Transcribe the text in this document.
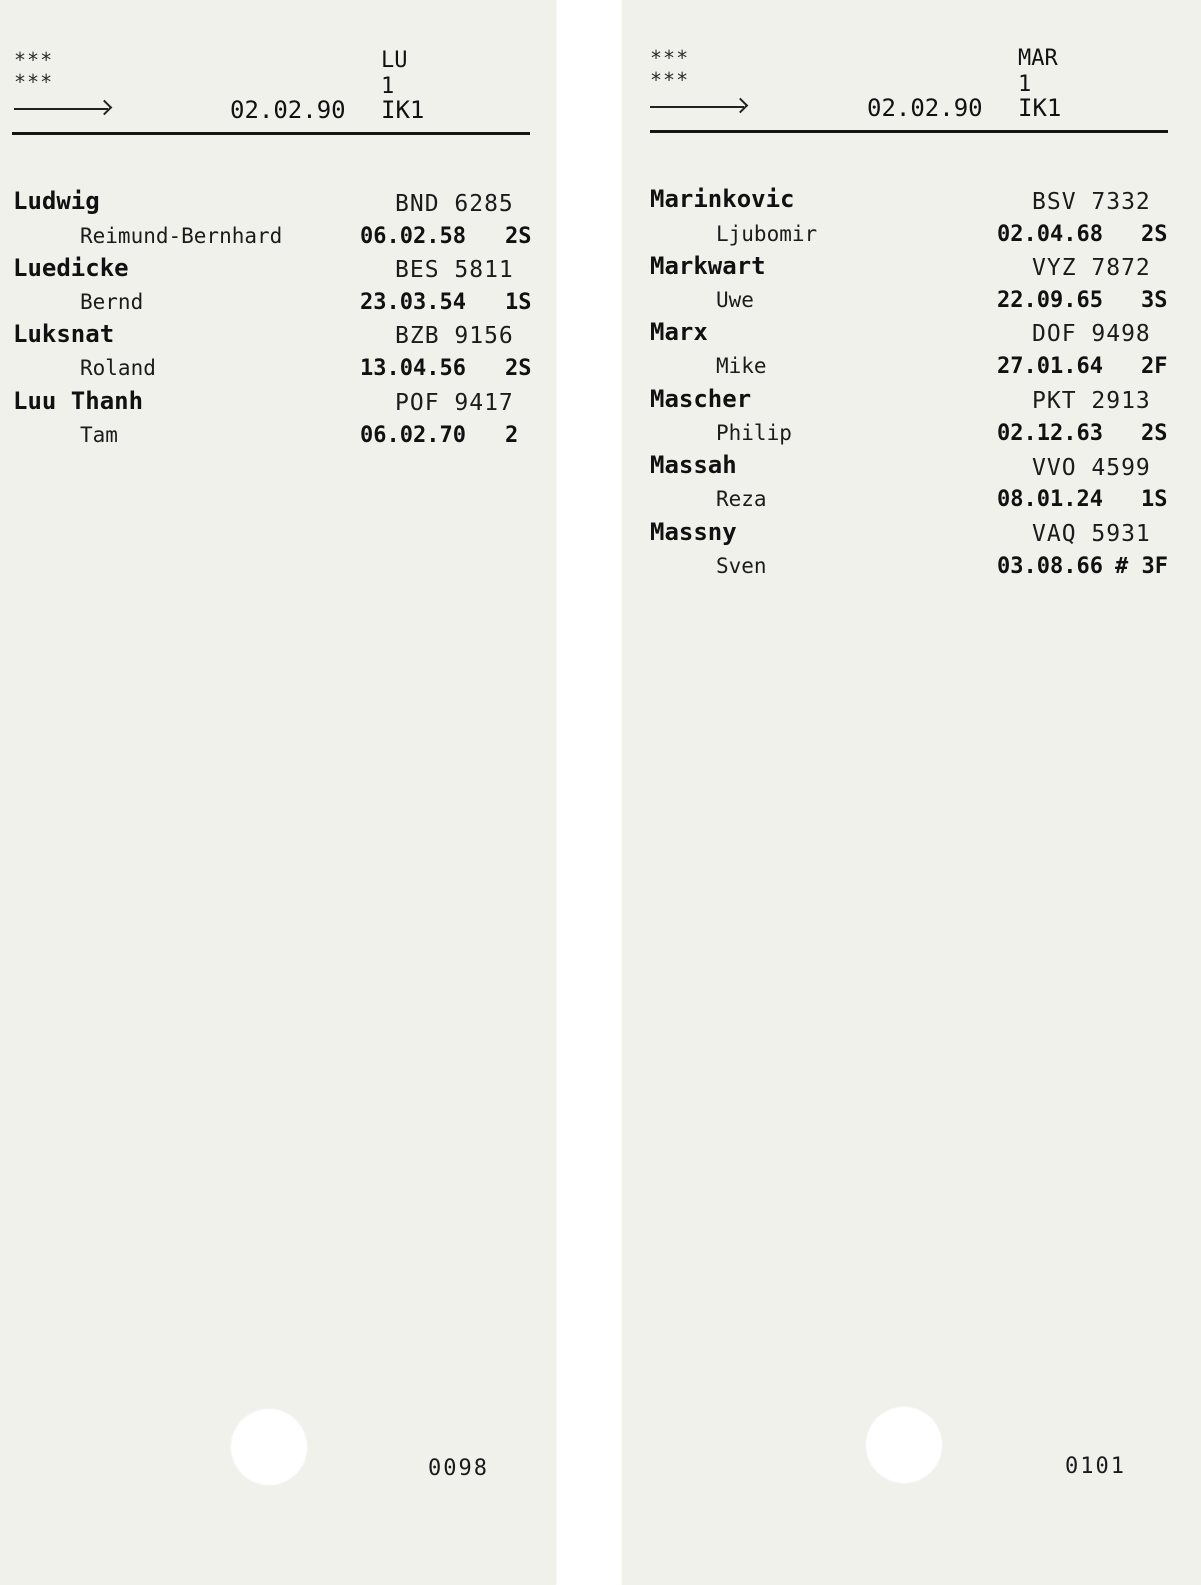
***
***
LU
1
02.02.90 IK1
Ludwig	BND 6285
Reimund-Bernhard	06.02.58 2S
Luedicke	BES 5811
Bernd	23.03.54 1S
Luksnat	BZB 9156
Roland	13.04.56 2S
Luu Thanh	POF 9417
Tam	06.02.70 2
0098
***
***
MAR
1
02.02.90 IK1
Marinkovic	BSV 7332
Ljubomir	02.04.68 2S
Markwart	VYZ 7872
Uwe	22.09.65 3S
Marx	DOF 9498
Mike	27.01.64 2F
Mascher	PKT 2913
Philip	02.12.63 2S
Massah	VVO 4599
Reza	08.01.24 1S
Massny	VAQ 5931
Sven	03.08.66 # 3F
0101
